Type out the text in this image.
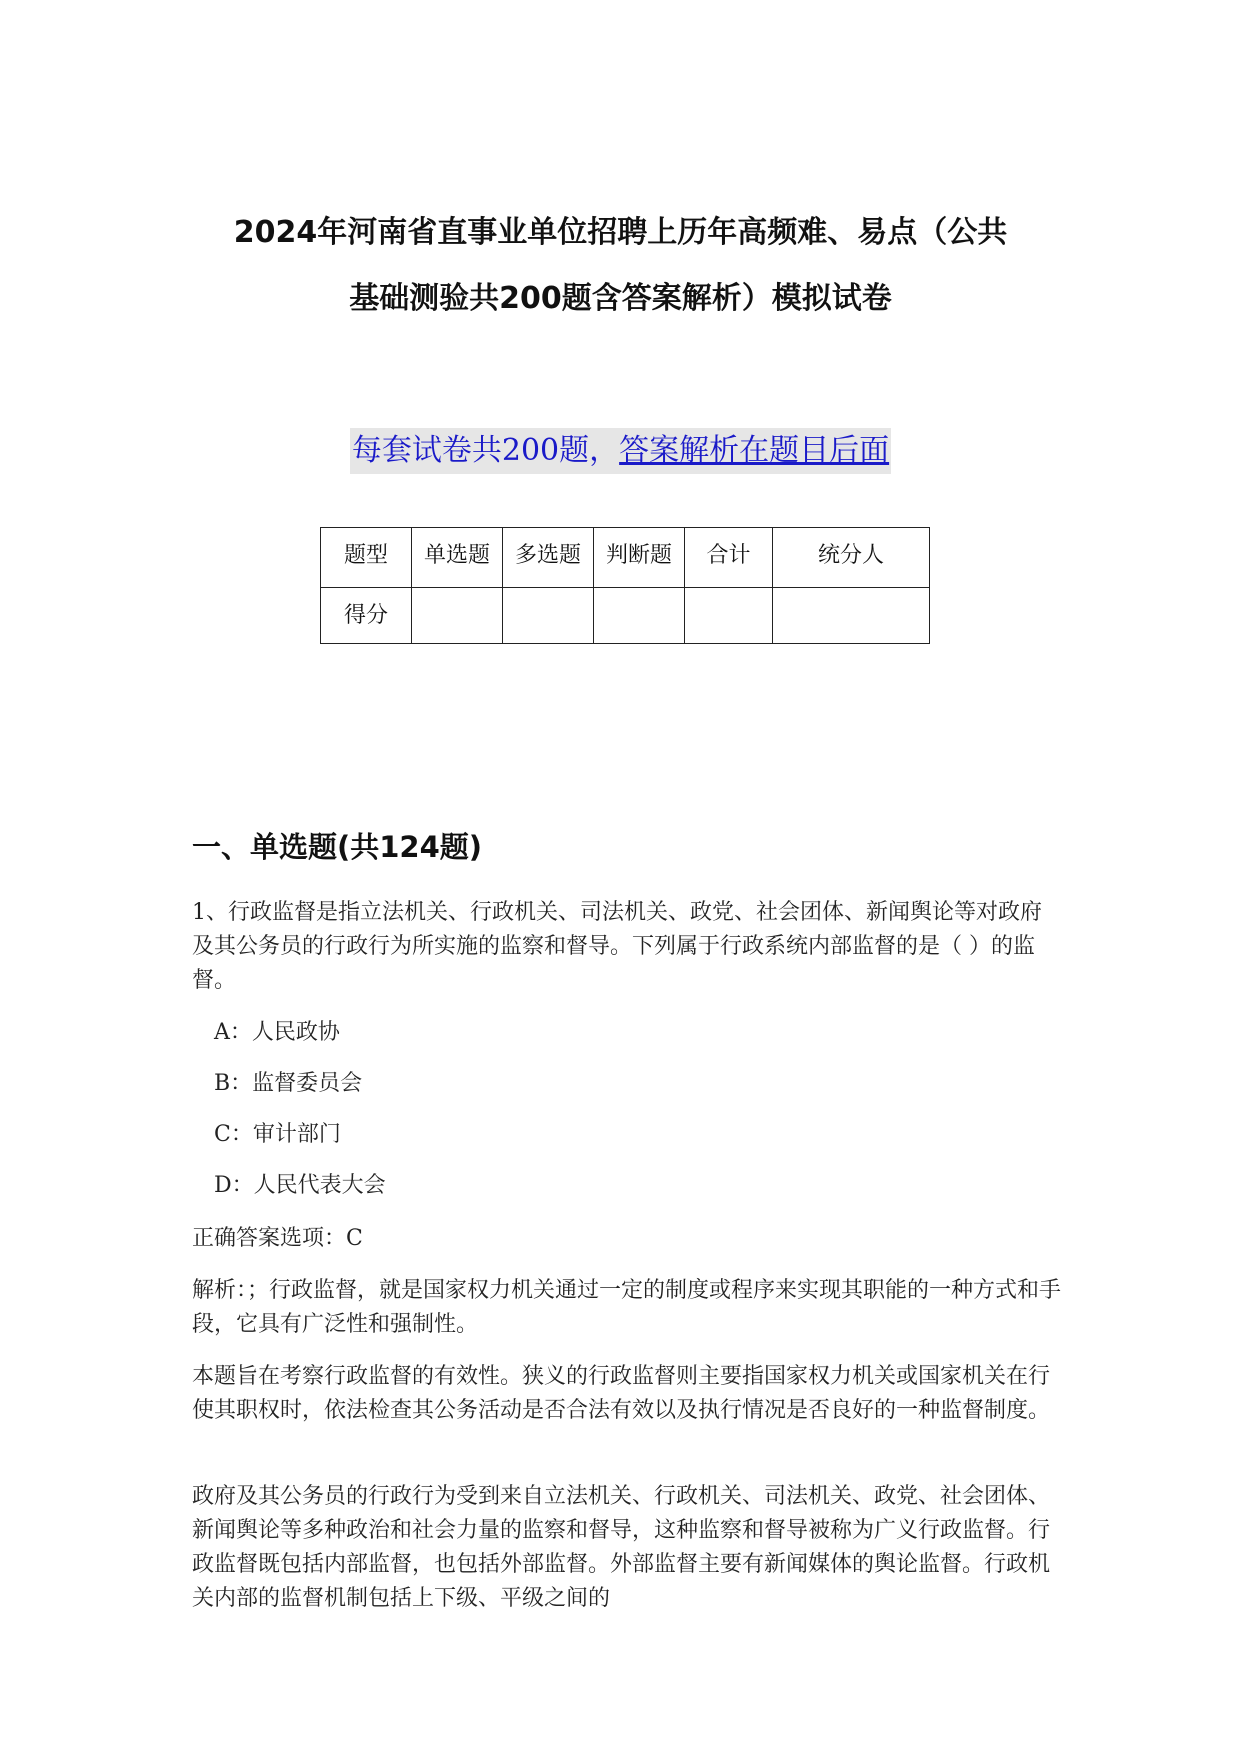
2024年河南省直事业单位招聘上历年高频难、易点（公共
基础测验共200题含答案解析）模拟试卷
每套试卷共200题，答案解析在题目后面
题型	单选题	多选题	判断题	合计	统分人
得分					
一、单选题(共124题)
1、行政监督是指立法机关、行政机关、司法机关、政党、社会团体、新闻舆论等对政府及其公务员的行政行为所实施的监察和督导。下列属于行政系统内部监督的是（ ）的监督。
A：人民政协
B：监督委员会
C：审计部门
D：人民代表大会

正确答案选项：C

解析：；行政监督，就是国家权力机关通过一定的制度或程序来实现其职能的一种方式和手段，它具有广泛性和强制性。

本题旨在考察行政监督的有效性。狭义的行政监督则主要指国家权力机关或国家机关在行使其职权时，依法检查其公务活动是否合法有效以及执行情况是否良好的一种监督制度。

政府及其公务员的行政行为受到来自立法机关、行政机关、司法机关、政党、社会团体、新闻舆论等多种政治和社会力量的监察和督导，这种监察和督导被称为广义行政监督。行政监督既包括内部监督，也包括外部监督。外部监督主要有新闻媒体的舆论监督。行政机关内部的监督机制包括上下级、平级之间的
